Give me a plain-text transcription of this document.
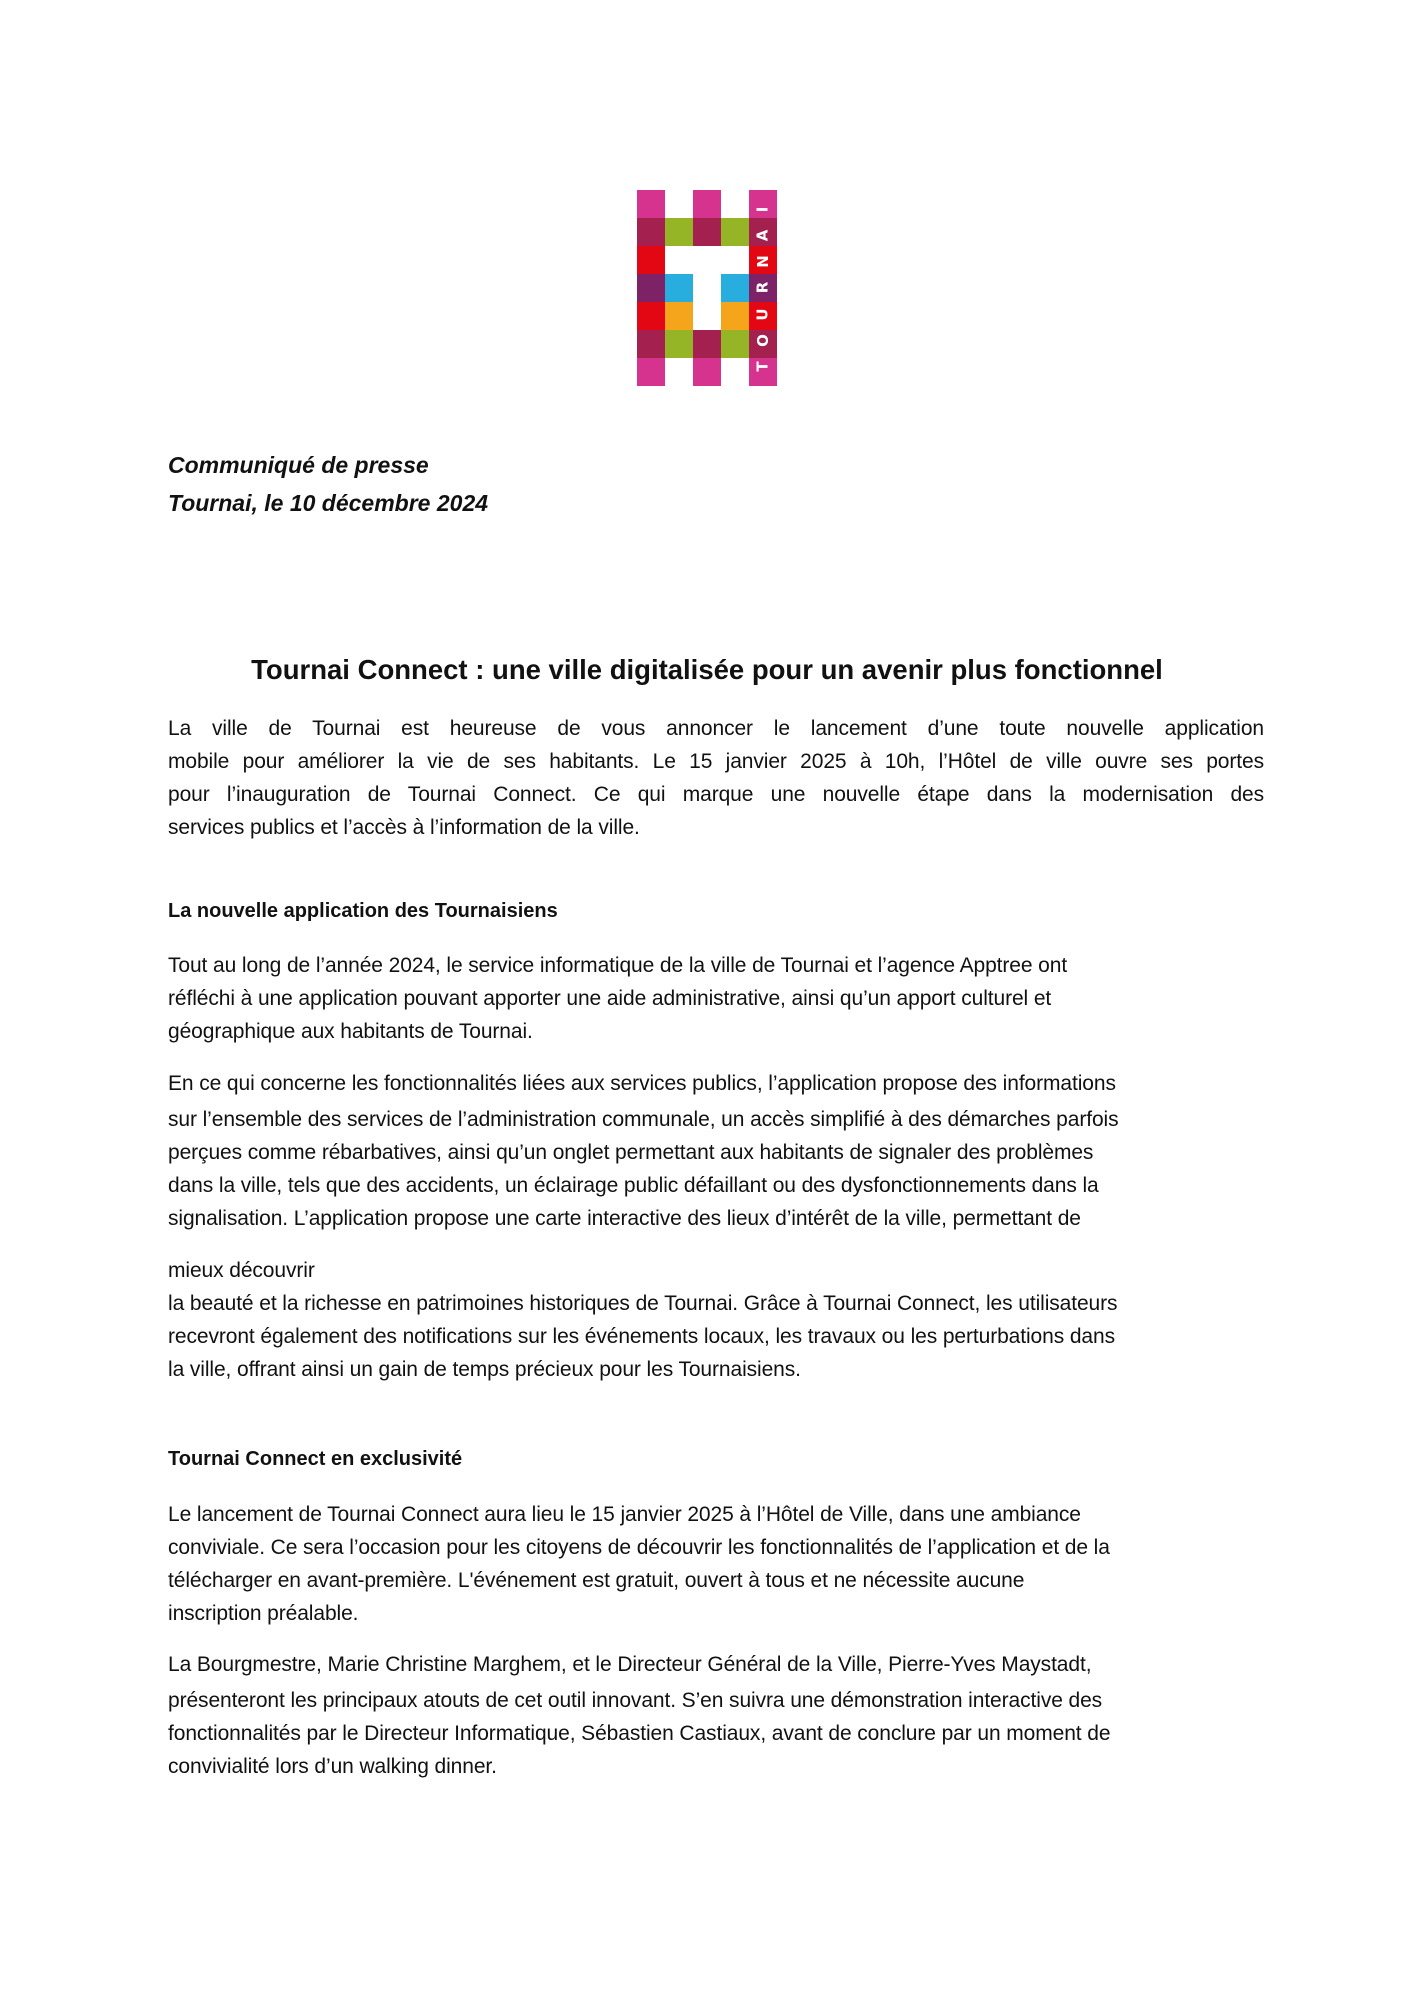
T
O
U
R
N
A
I
Communiqué de presse
Tournai, le 10 décembre 2024
Tournai Connect : une ville digitalisée pour un avenir plus fonctionnel
La ville de Tournai est heureuse de vous annoncer le lancement d’une toute nouvelle application
mobile pour améliorer la vie de ses habitants. Le 15 janvier 2025 à 10h, l’Hôtel de ville ouvre ses portes
pour l’inauguration de Tournai Connect. Ce qui marque une nouvelle étape dans la modernisation des
services publics et l’accès à l’information de la ville.
La nouvelle application des Tournaisiens
Tout au long de l’année 2024, le service informatique de la ville de Tournai et l’agence Apptree ont
réfléchi à une application pouvant apporter une aide administrative, ainsi qu’un apport culturel et
géographique aux habitants de Tournai.
En ce qui concerne les fonctionnalités liées aux services publics, l’application propose des informations
sur l’ensemble des services de l’administration communale, un accès simplifié à des démarches parfois
perçues comme rébarbatives, ainsi qu’un onglet permettant aux habitants de signaler des problèmes
dans la ville, tels que des accidents, un éclairage public défaillant ou des dysfonctionnements dans la
signalisation. L’application propose une carte interactive des lieux d’intérêt de la ville, permettant de
mieux découvrir
la beauté et la richesse en patrimoines historiques de Tournai. Grâce à Tournai Connect, les utilisateurs
recevront également des notifications sur les événements locaux, les travaux ou les perturbations dans
la ville, offrant ainsi un gain de temps précieux pour les Tournaisiens.
Tournai Connect en exclusivité
Le lancement de Tournai Connect aura lieu le 15 janvier 2025 à l’Hôtel de Ville, dans une ambiance
conviviale. Ce sera l’occasion pour les citoyens de découvrir les fonctionnalités de l’application et de la
télécharger en avant-première. L'événement est gratuit, ouvert à tous et ne nécessite aucune
inscription préalable.
La Bourgmestre, Marie Christine Marghem, et le Directeur Général de la Ville, Pierre-Yves Maystadt,
présenteront les principaux atouts de cet outil innovant. S’en suivra une démonstration interactive des
fonctionnalités par le Directeur Informatique, Sébastien Castiaux, avant de conclure par un moment de
convivialité lors d’un walking dinner.
